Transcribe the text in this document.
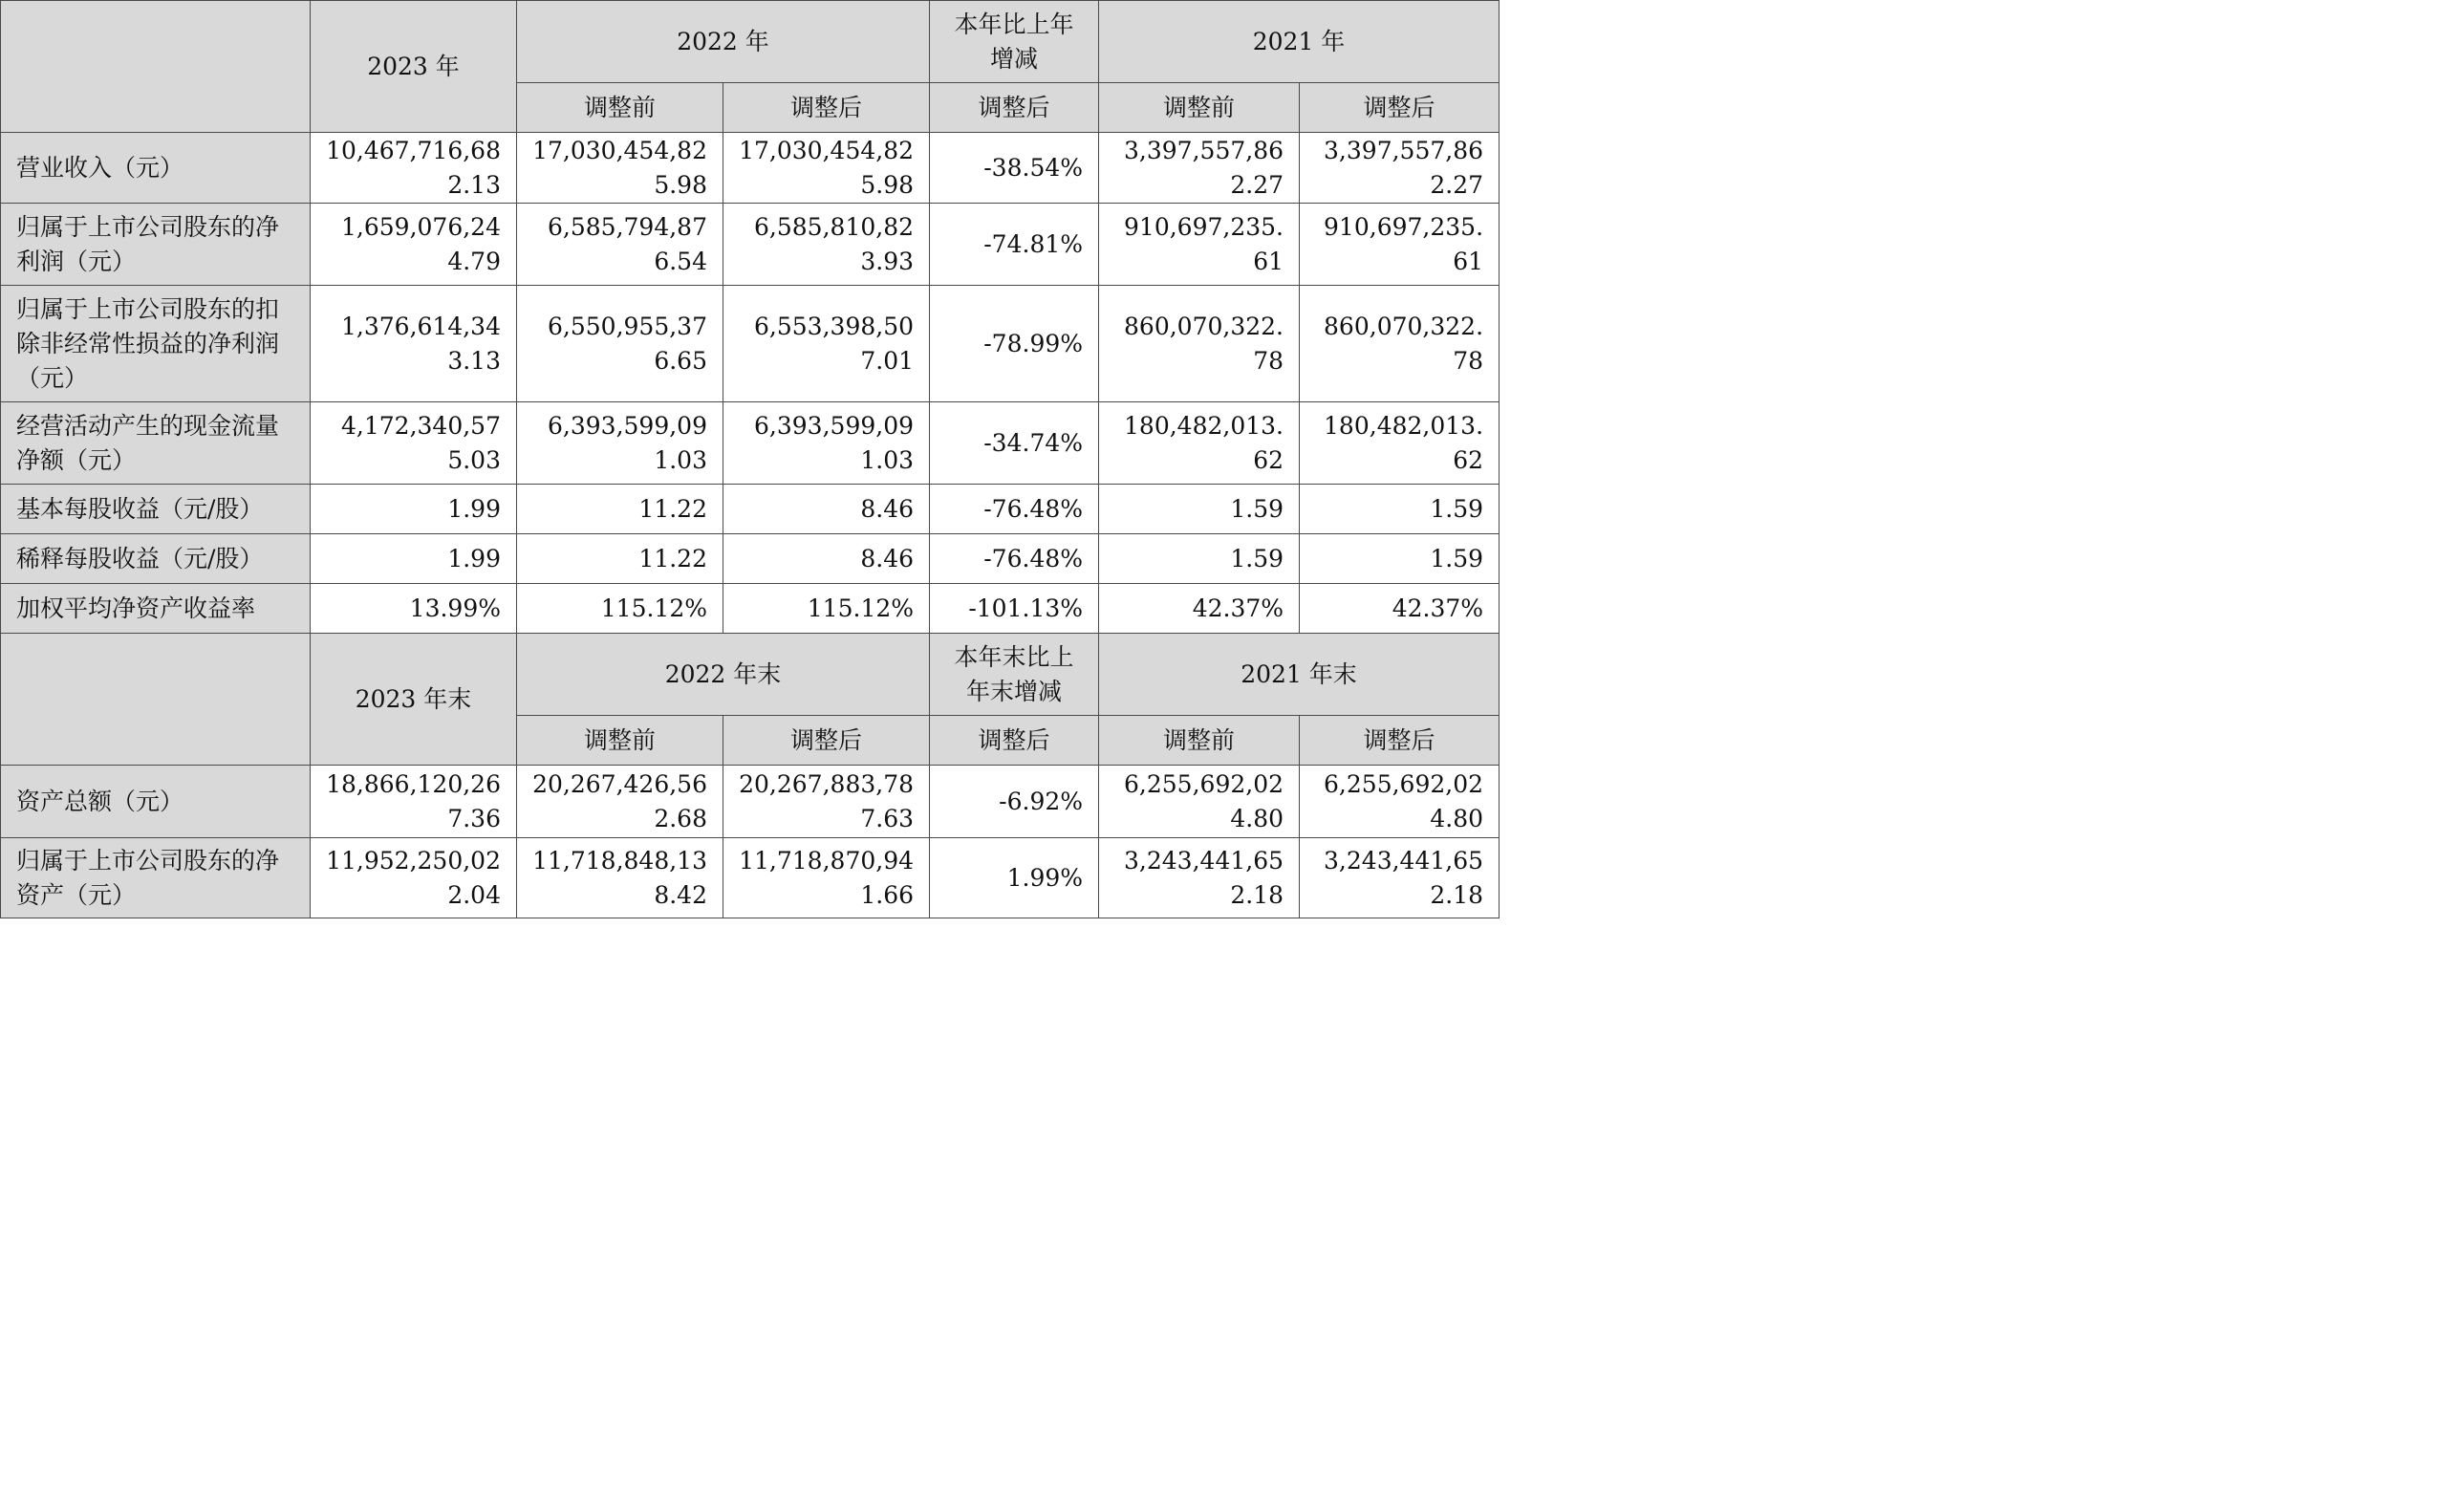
	2023 年	2022 年		本年比上年增减	2021 年	
		调整前	调整后	调整后	调整前	调整后
营业收入（元）	10,467,716,682.13	17,030,454,825.98	17,030,454,825.98	-38.54%	3,397,557,862.27	3,397,557,862.27
归属于上市公司股东的净利润（元）	1,659,076,244.79	6,585,794,876.54	6,585,810,823.93	-74.81%	910,697,235.61	910,697,235.61
归属于上市公司股东的扣除非经常性损益的净利润（元）	1,376,614,343.13	6,550,955,376.65	6,553,398,507.01	-78.99%	860,070,322.78	860,070,322.78
经营活动产生的现金流量净额（元）	4,172,340,575.03	6,393,599,091.03	6,393,599,091.03	-34.74%	180,482,013.62	180,482,013.62
基本每股收益（元/股）	1.99	11.22	8.46	-76.48%	1.59	1.59
稀释每股收益（元/股）	1.99	11.22	8.46	-76.48%	1.59	1.59
加权平均净资产收益率	13.99%	115.12%	115.12%	-101.13%	42.37%	42.37%
	2023 年末	2022 年末		本年末比上年末增减	2021 年末	
		调整前	调整后	调整后	调整前	调整后
资产总额（元）	18,866,120,267.36	20,267,426,562.68	20,267,883,787.63	-6.92%	6,255,692,024.80	6,255,692,024.80
归属于上市公司股东的净资产（元）	11,952,250,022.04	11,718,848,138.42	11,718,870,941.66	1.99%	3,243,441,652.18	3,243,441,652.18
